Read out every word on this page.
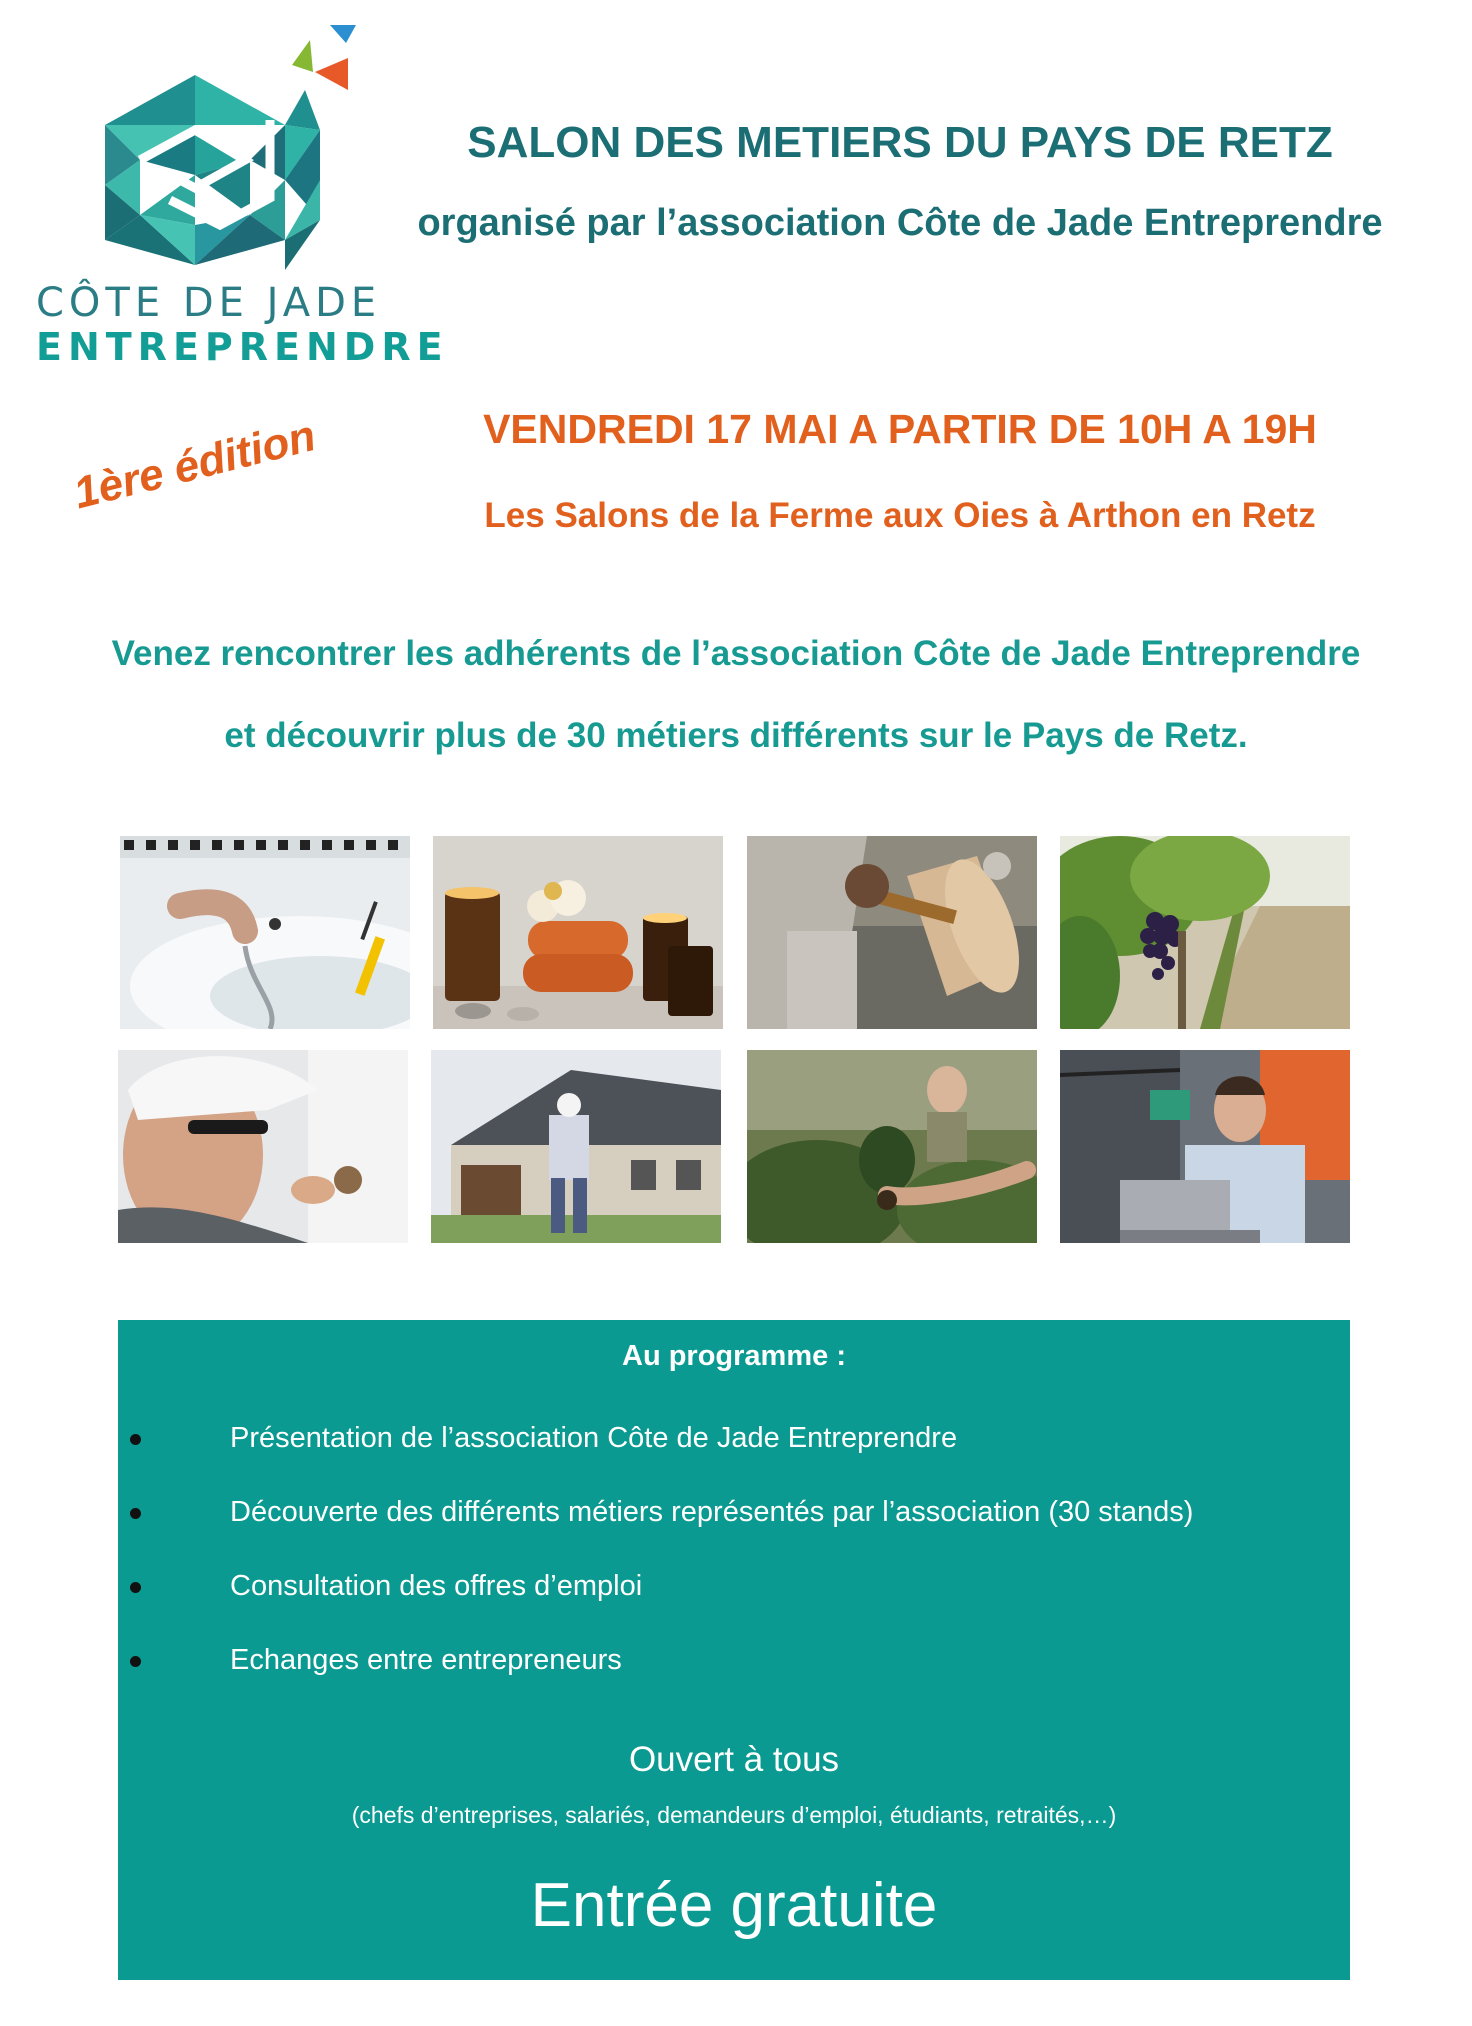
CÔTE DE JADE
ENTREPRENDRE
SALON DES METIERS DU PAYS DE RETZ
organisé par l’association Côte de Jade Entreprendre
1ère édition	VENDREDI 17 MAI A PARTIR DE 10H A 19H
Les Salons de la Ferme aux Oies à Arthon en Retz
Venez rencontrer les adhérents de l’association Côte de Jade Entreprendre
et découvrir plus de 30 métiers différents sur le Pays de Retz.
Au programme :
Présentation de l’association Côte de Jade Entreprendre
Découverte des différents métiers représentés par l’association (30 stands)
Consultation des offres d’emploi
Echanges entre entrepreneurs
Ouvert à tous
(chefs d’entreprises, salariés, demandeurs d’emploi, étudiants, retraités,…)
Entrée gratuite
